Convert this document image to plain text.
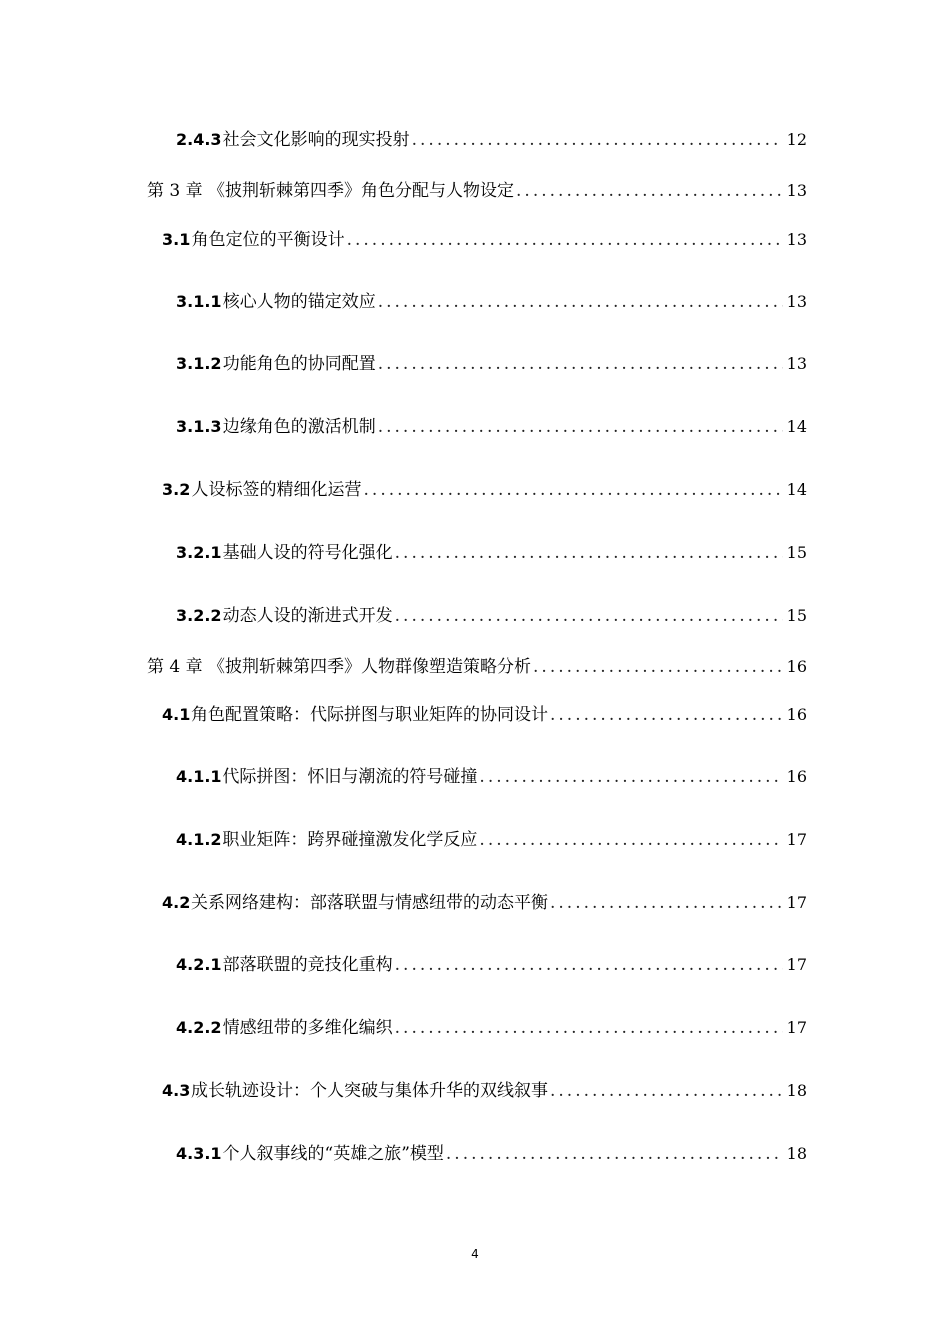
2.4.3 社会文化影响的现实投射 .....	12
第 3 章 《披荆斩棘第四季》角色分配与人物设定 .....	13
3.1 角色定位的平衡设计 .....	13
3.1.1 核心人物的锚定效应 .....	13
3.1.2 功能角色的协同配置 .....	13
3.1.3 边缘角色的激活机制 .....	14
3.2 人设标签的精细化运营 .....	14
3.2.1 基础人设的符号化强化 .....	15
3.2.2 动态人设的渐进式开发 .....	15
第 4 章 《披荆斩棘第四季》人物群像塑造策略分析 .....	16
4.1 角色配置策略：代际拼图与职业矩阵的协同设计 .....	16
4.1.1 代际拼图：怀旧与潮流的符号碰撞 .....	16
4.1.2 职业矩阵：跨界碰撞激发化学反应 .....	17
4.2 关系网络建构：部落联盟与情感纽带的动态平衡 .....	17
4.2.1 部落联盟的竞技化重构 .....	17
4.2.2 情感纽带的多维化编织 .....	17
4.3 成长轨迹设计：个人突破与集体升华的双线叙事 .....	18
4.3.1 个人叙事线的“英雄之旅”模型 .....	18
4
